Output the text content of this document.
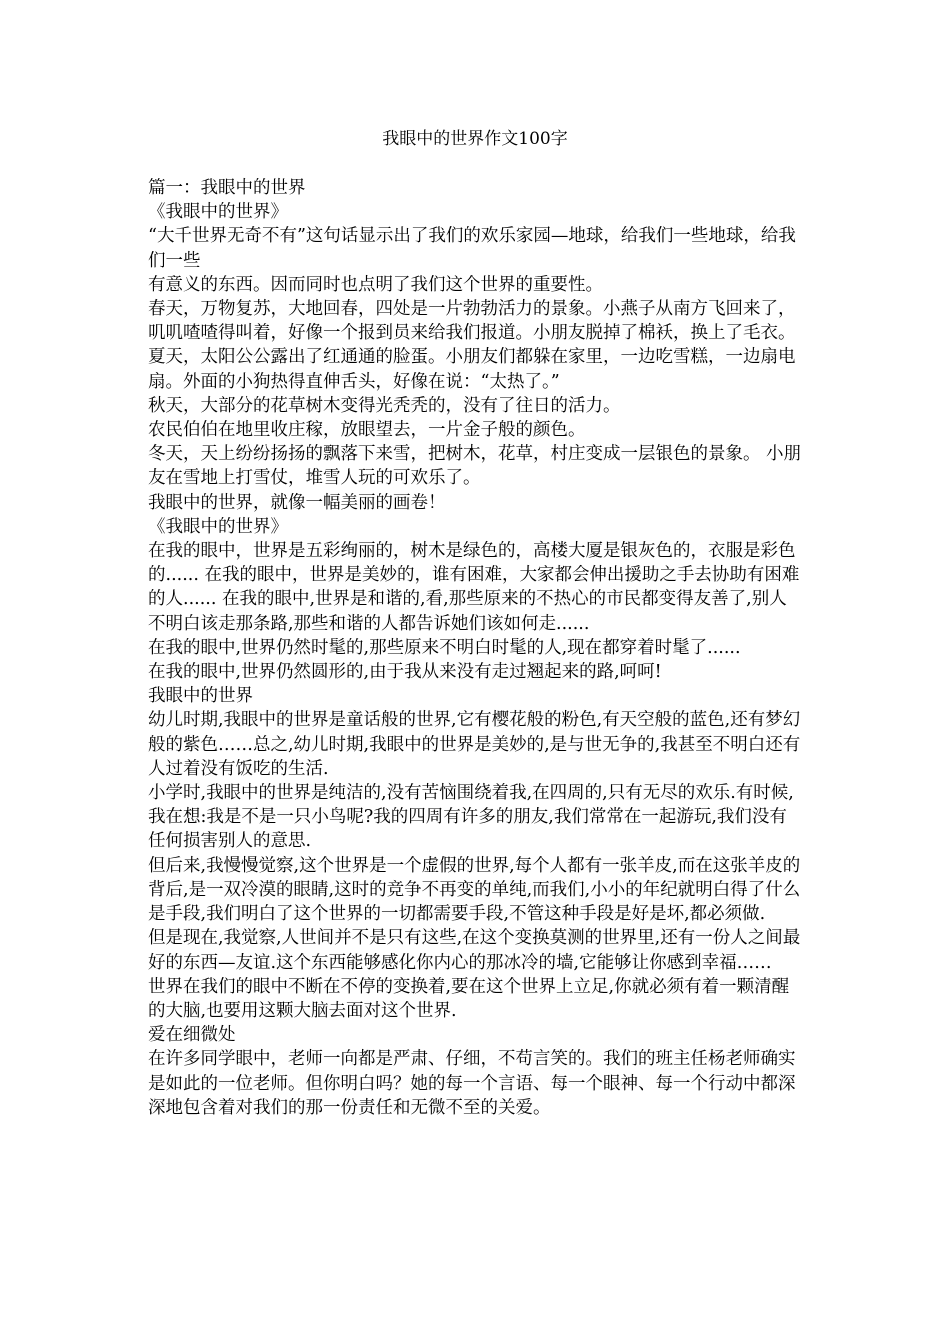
我眼中的世界作文100字

篇一：我眼中的世界

《我眼中的世界》

“大千世界无奇不有”这句话显示出了我们的欢乐家园—地球，给我们一些地球，给我们一些

有意义的东西。因而同时也点明了我们这个世界的重要性。

春天，万物复苏，大地回春，四处是一片勃勃活力的景象。小燕子从南方飞回来了，叽叽喳喳得叫着，好像一个报到员来给我们报道。小朋友脱掉了棉袄，换上了毛衣。

夏天，太阳公公露出了红通通的脸蛋。小朋友们都躲在家里，一边吃雪糕，一边扇电扇。外面的小狗热得直伸舌头，好像在说：“太热了。”

秋天，大部分的花草树木变得光秃秃的，没有了往日的活力。

农民伯伯在地里收庄稼，放眼望去，一片金子般的颜色。

冬天，天上纷纷扬扬的飘落下来雪，把树木，花草，村庄变成一层银色的景象。 小朋友在雪地上打雪仗，堆雪人玩的可欢乐了。

我眼中的世界，就像一幅美丽的画卷！

《我眼中的世界》

在我的眼中，世界是五彩绚丽的，树木是绿色的，高楼大厦是银灰色的，衣服是彩色的...... 在我的眼中，世界是美妙的，谁有困难，大家都会伸出援助之手去协助有困难的人...... 在我的眼中,世界是和谐的,看,那些原来的不热心的市民都变得友善了,别人不明白该走那条路,那些和谐的人都告诉她们该如何走......

在我的眼中,世界仍然时髦的,那些原来不明白时髦的人,现在都穿着时髦了......

在我的眼中,世界仍然圆形的,由于我从来没有走过翘起来的路,呵呵!

我眼中的世界

幼儿时期,我眼中的世界是童话般的世界,它有樱花般的粉色,有天空般的蓝色,还有梦幻般的紫色……总之,幼儿时期,我眼中的世界是美妙的,是与世无争的,我甚至不明白还有人过着没有饭吃的生活.

小学时,我眼中的世界是纯洁的,没有苦恼围绕着我,在四周的,只有无尽的欢乐.有时候,我在想:我是不是一只小鸟呢?我的四周有许多的朋友,我们常常在一起游玩,我们没有任何损害别人的意思.

但后来,我慢慢觉察,这个世界是一个虚假的世界,每个人都有一张羊皮,而在这张羊皮的背后,是一双冷漠的眼睛,这时的竞争不再变的单纯,而我们,小小的年纪就明白得了什么是手段,我们明白了这个世界的一切都需要手段,不管这种手段是好是坏,都必须做.

但是现在,我觉察,人世间并不是只有这些,在这个变换莫测的世界里,还有一份人之间最好的东西—友谊.这个东西能够感化你内心的那冰冷的墙,它能够让你感到幸福……

世界在我们的眼中不断在不停的变换着,要在这个世界上立足,你就必须有着一颗清醒的大脑,也要用这颗大脑去面对这个世界.

爱在细微处

在许多同学眼中，老师一向都是严肃、仔细，不苟言笑的。我们的班主任杨老师确实是如此的一位老师。但你明白吗？她的每一个言语、每一个眼神、每一个行动中都深深地包含着对我们的那一份责任和无微不至的关爱。
